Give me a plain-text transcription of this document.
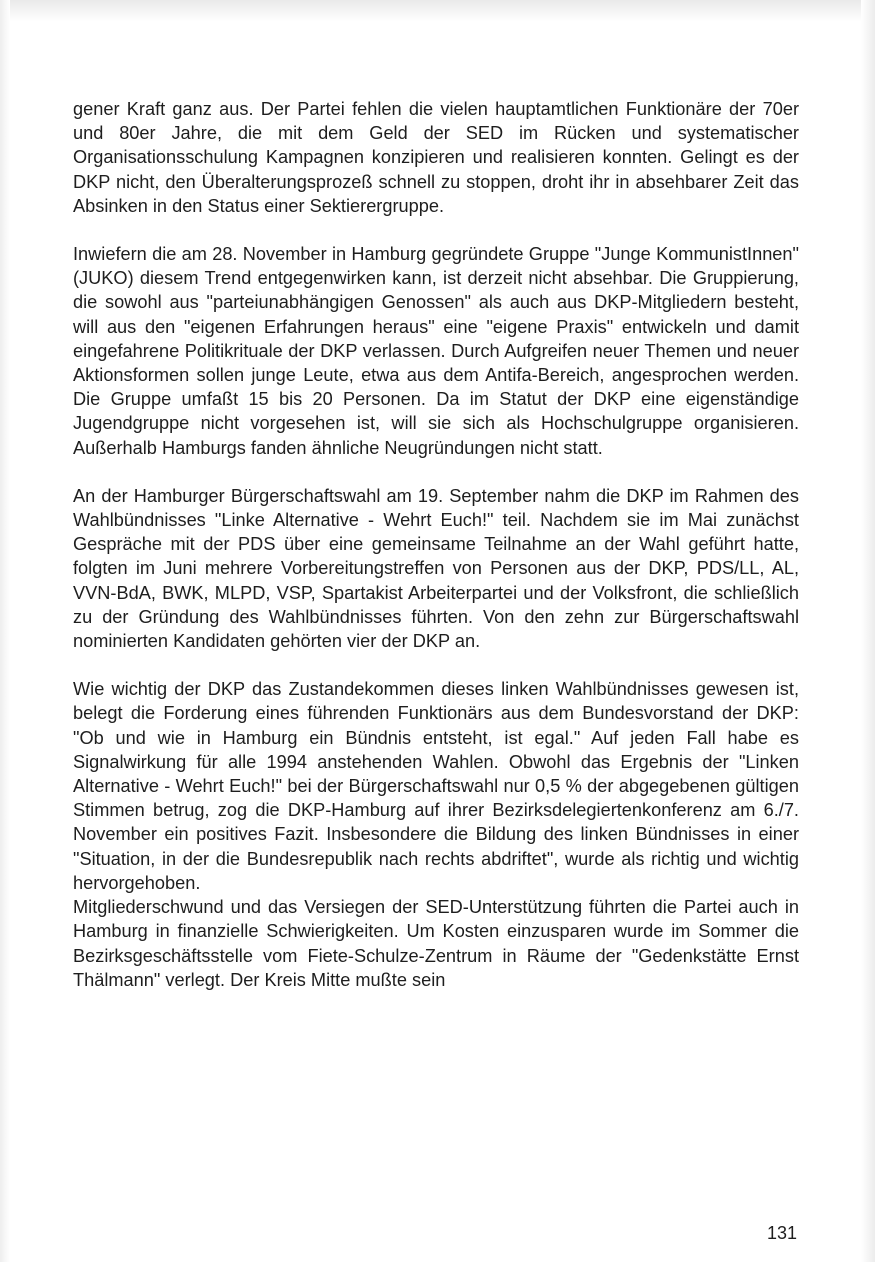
gener Kraft ganz aus. Der Partei fehlen die vielen hauptamtlichen Funktionäre der 70er und 80er Jahre, die mit dem Geld der SED im Rücken und systematischer Organisationsschulung Kampagnen konzipieren und realisieren konnten. Gelingt es der DKP nicht, den Überalterungsprozeß schnell zu stoppen, droht ihr in absehbarer Zeit das Absinken in den Status einer Sektierergruppe.

Inwiefern die am 28. November in Hamburg gegründete Gruppe "Junge KommunistInnen" (JUKO) diesem Trend entgegenwirken kann, ist derzeit nicht absehbar. Die Gruppierung, die sowohl aus "parteiunabhängigen Genossen" als auch aus DKP-Mitgliedern besteht, will aus den "eigenen Erfahrungen heraus" eine "eigene Praxis" entwickeln und damit eingefahrene Politikrituale der DKP verlassen. Durch Aufgreifen neuer Themen und neuer Aktionsformen sollen junge Leute, etwa aus dem Antifa-Bereich, angesprochen werden. Die Gruppe umfaßt 15 bis 20 Personen. Da im Statut der DKP eine eigenständige Jugendgruppe nicht vorgesehen ist, will sie sich als Hochschulgruppe organisieren. Außerhalb Hamburgs fanden ähnliche Neugründungen nicht statt.

An der Hamburger Bürgerschaftswahl am 19. September nahm die DKP im Rahmen des Wahlbündnisses "Linke Alternative - Wehrt Euch!" teil. Nachdem sie im Mai zunächst Gespräche mit der PDS über eine gemeinsame Teilnahme an der Wahl geführt hatte, folgten im Juni mehrere Vorbereitungstreffen von Personen aus der DKP, PDS/LL, AL, VVN-BdA, BWK, MLPD, VSP, Spartakist Arbeiterpartei und der Volksfront, die schließlich zu der Gründung des Wahlbündnisses führten. Von den zehn zur Bürgerschaftswahl nominierten Kandidaten gehörten vier der DKP an.

Wie wichtig der DKP das Zustandekommen dieses linken Wahlbündnisses gewesen ist, belegt die Forderung eines führenden Funktionärs aus dem Bundesvorstand der DKP: "Ob und wie in Hamburg ein Bündnis entsteht, ist egal." Auf jeden Fall habe es Signalwirkung für alle 1994 anstehenden Wahlen. Obwohl das Ergebnis der "Linken Alternative - Wehrt Euch!" bei der Bürgerschaftswahl nur 0,5 % der abgegebenen gültigen Stimmen betrug, zog die DKP-Hamburg auf ihrer Bezirksdelegiertenkonferenz am 6./7. November ein positives Fazit. Insbesondere die Bildung des linken Bündnisses in einer "Situation, in der die Bundesrepublik nach rechts abdriftet", wurde als richtig und wichtig hervorgehoben.

Mitgliederschwund und das Versiegen der SED-Unterstützung führten die Partei auch in Hamburg in finanzielle Schwierigkeiten. Um Kosten einzusparen wurde im Sommer die Bezirksgeschäftsstelle vom Fiete-Schulze-Zentrum in Räume der "Gedenkstätte Ernst Thälmann" verlegt. Der Kreis Mitte mußte sein

131
